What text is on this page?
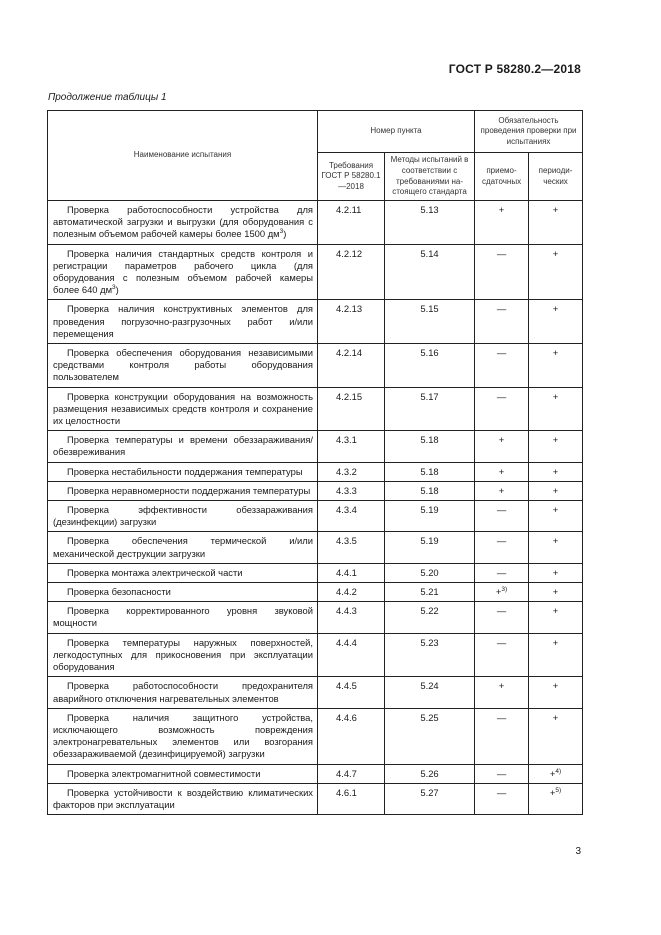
ГОСТ Р 58280.2—2018
Продолжение таблицы 1
Наименование испытания	Номер пункта		Обязательность проведения проверки при испытаниях	
	Требования ГОСТ Р 58280.1—2018	Методы испытаний в соответствии с требованиями на-стоящего стандарта	приемо-сдаточных	периоди-ческих

Проверка работоспособности устройства для автоматической загрузки и выгрузки (для оборудования с полезным объемом рабочей камеры более 1500 $дм^3$)	4.2.11	5.13	+	+

Проверка наличия стандартных средств контроля и регистрации параметров рабочего цикла (для оборудования с полезным объемом рабочей камеры более 640 $дм^3$)	4.2.12	5.14	—	+

Проверка наличия конструктивных элементов для проведения погрузочно-разгрузочных работ и/или перемещения	4.2.13	5.15	—	+

Проверка обеспечения оборудования независимыми средствами контроля работы оборудования пользователем	4.2.14	5.16	—	+

Проверка конструкции оборудования на возможность размещения независимых средств контроля и сохранение их целостности	4.2.15	5.17	—	+

Проверка температуры и времени обеззараживания/обезвреживания	4.3.1	5.18	+	+

Проверка нестабильности поддержания температуры	4.3.2	5.18	+	+

Проверка неравномерности поддержания температуры	4.3.3	5.18	+	+

Проверка эффективности обеззараживания (дезинфекции) загрузки	4.3.4	5.19	—	+

Проверка обеспечения термической и/или механической деструкции загрузки	4.3.5	5.19	—	+

Проверка монтажа электрической части	4.4.1	5.20	—	+

Проверка безопасности	4.4.2	5.21	+$^{3)}$	+

Проверка корректированного уровня звуковой мощности	4.4.3	5.22	—	+

Проверка температуры наружных поверхностей, легкодоступных для прикосновения при эксплуатации оборудования	4.4.4	5.23	—	+

Проверка работоспособности предохранителя аварийного отключения нагревательных элементов	4.4.5	5.24	+	+

Проверка наличия защитного устройства, исключающего возможность повреждения электронагревательных элементов или возгорания обеззараживаемой (дезинфицируемой) загрузки	4.4.6	5.25	—	+

Проверка электромагнитной совместимости	4.4.7	5.26	—	+$^{4)}$

Проверка устойчивости к воздействию климатических факторов при эксплуатации	4.6.1	5.27	—	+$^{5)}$
3
